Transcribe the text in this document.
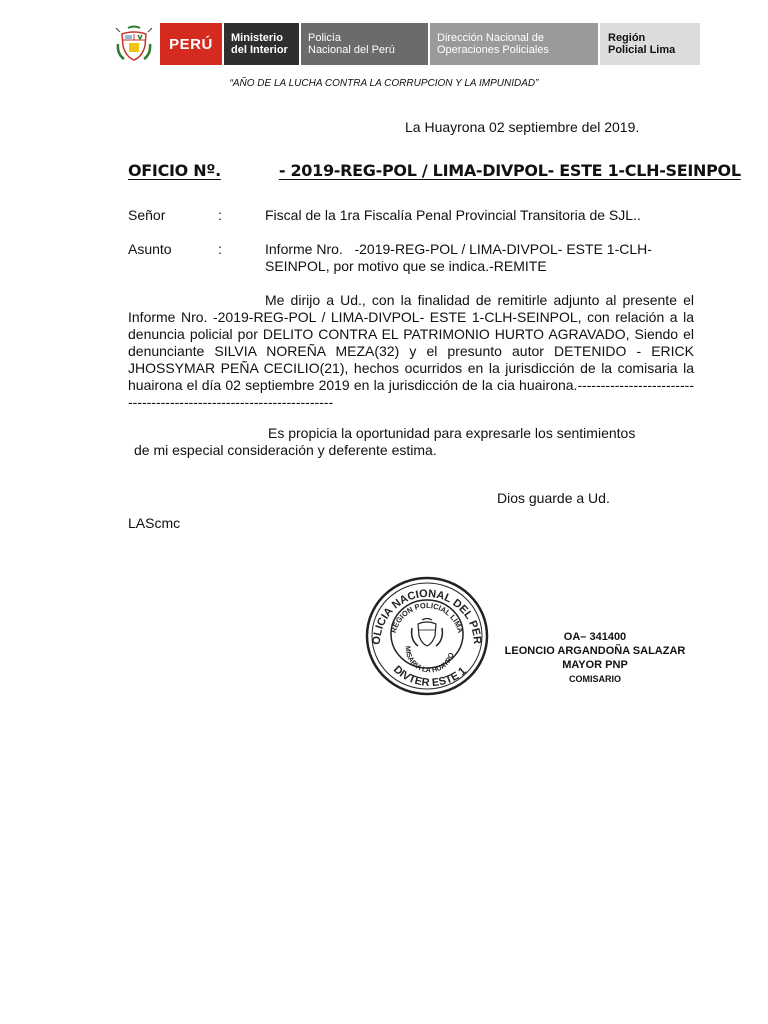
PERÚ	Ministerio
del Interior
Policía
Nacional del Perú
Dirección Nacional de
Operaciones Policiales
Región
Policial Lima
“AÑO DE LA LUCHA CONTRA LA CORRUPCION Y LA IMPUNIDAD”
La Huayrona 02 septiembre del 2019.
OFICIO Nº.	- 2019-REG-POL / LIMA-DIVPOL- ESTE 1-CLH-SEINPOL
Señor	:	Fiscal de la 1ra Fiscalía Penal Provincial Transitoria de SJL..
Asunto	:	Informe Nro.   -2019-REG-POL / LIMA-DIVPOL- ESTE 1-CLH-
SEINPOL, por motivo que se indica.-REMITE
Me dirijo a Ud., con la finalidad de remitirle adjunto al presente el Informe Nro. -2019-REG-POL / LIMA-DIVPOL- ESTE 1-CLH-SEINPOL, con relación a la denuncia policial por DELITO CONTRA EL PATRIMONIO HURTO AGRAVADO, Siendo el denunciante SILVIA NOREÑA MEZA(32) y el presunto autor DETENIDO - ERICK JHOSSYMAR PEÑA CECILIO(21), hechos ocurridos en la jurisdicción de la comisaria la huairona el día 02 septiembre 2019 en la jurisdicción de la cia huairona.---------------------------------------------------------------------
Es propicia la oportunidad para expresarle los sentimientos
de mi especial consideración y deferente estima.
Dios guarde a Ud.
LAScmc
OLICIA NACIONAL DEL PER
REGION POLICIAL LIMA
MISARIA LA HUAYRO
DIVTER ESTE 1
OA– 341400
LEONCIO ARGANDOÑA SALAZAR
MAYOR PNP
COMISARIO
